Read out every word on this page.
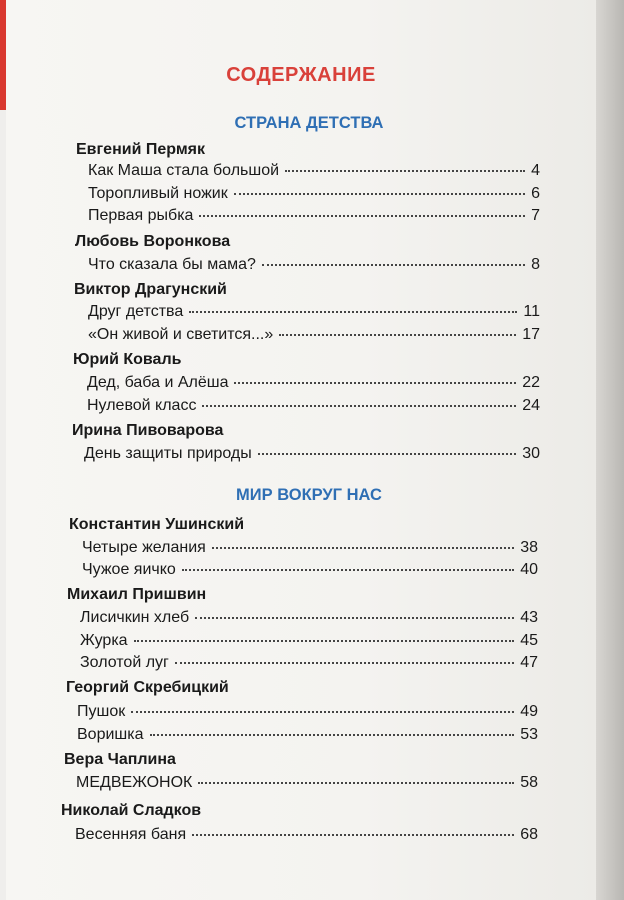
СОДЕРЖАНИЕ
СТРАНА ДЕТСТВА
Евгений Пермяк
Как Маша стала большой	4
Торопливый ножик	6
Первая рыбка	7
Любовь Воронкова
Что сказала бы мама?	8
Виктор Драгунский
Друг детства	11
«Он живой и светится...»	17
Юрий Коваль
Дед, баба и Алёша	22
Нулевой класс	24
Ирина Пивоварова
День защиты природы	30
МИР ВОКРУГ НАС
Константин Ушинский
Четыре желания	38
Чужое яичко	40
Михаил Пришвин
Лисичкин хлеб	43
Журка	45
Золотой луг	47
Георгий Скребицкий
Пушок	49
Воришка	53
Вера Чаплина
МЕДВЕЖОНОК	58
Николай Сладков
Весенняя баня	68
